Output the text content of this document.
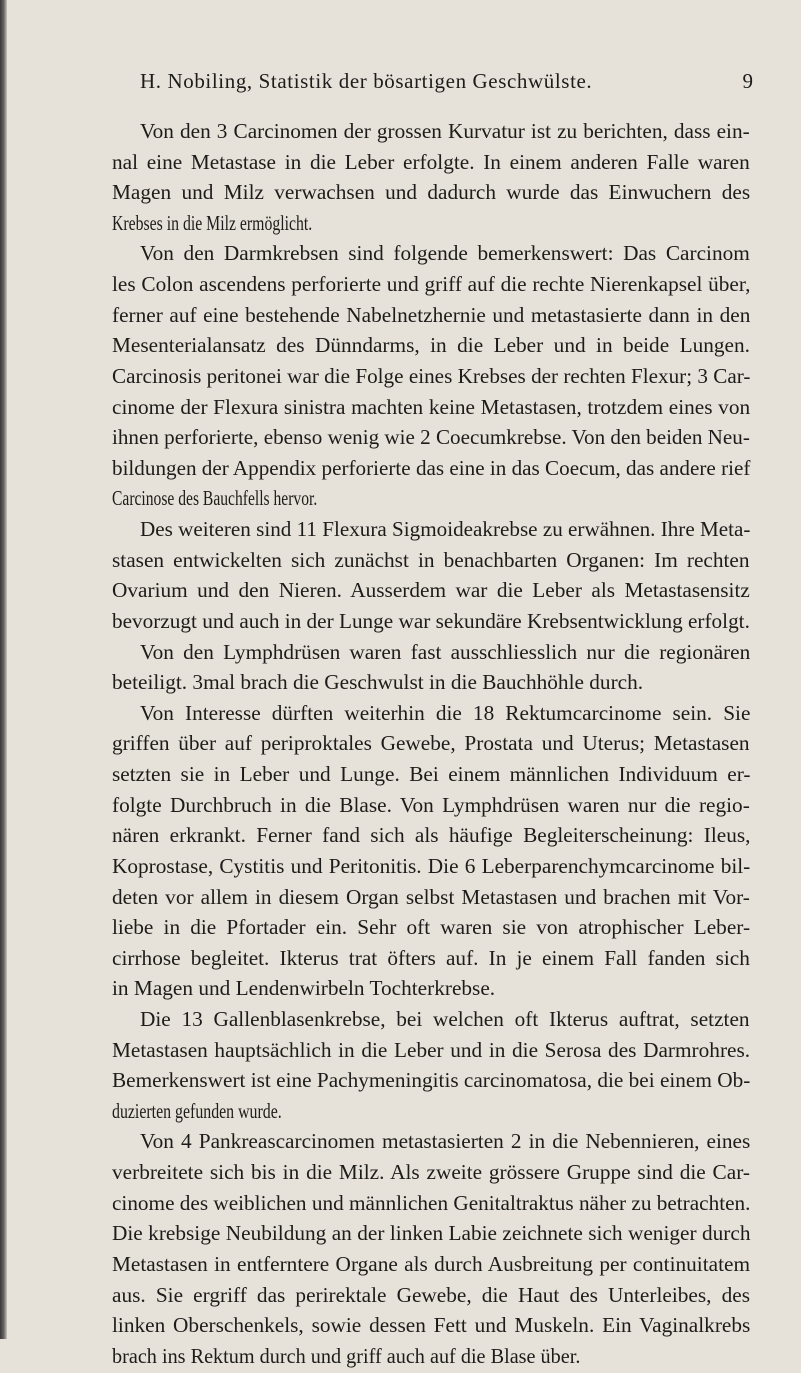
H. Nobiling, Statistik der bösartigen Geschwülste.	9
Von den 3 Carcinomen der grossen Kurvatur ist zu berichten, dass ein-
nal eine Metastase in die Leber erfolgte. In einem anderen Falle waren
Magen und Milz verwachsen und dadurch wurde das Einwuchern des
Krebses in die Milz ermöglicht.
Von den Darmkrebsen sind folgende bemerkenswert: Das Carcinom
les Colon ascendens perforierte und griff auf die rechte Nierenkapsel über,
ferner auf eine bestehende Nabelnetzhernie und metastasierte dann in den
Mesenterialansatz des Dünndarms, in die Leber und in beide Lungen.
Carcinosis peritonei war die Folge eines Krebses der rechten Flexur; 3 Car-
cinome der Flexura sinistra machten keine Metastasen, trotzdem eines von
ihnen perforierte, ebenso wenig wie 2 Coecumkrebse. Von den beiden Neu-
bildungen der Appendix perforierte das eine in das Coecum, das andere rief
Carcinose des Bauchfells hervor.
Des weiteren sind 11 Flexura Sigmoideakrebse zu erwähnen. Ihre Meta-
stasen entwickelten sich zunächst in benachbarten Organen: Im rechten
Ovarium und den Nieren. Ausserdem war die Leber als Metastasensitz
bevorzugt und auch in der Lunge war sekundäre Krebsentwicklung erfolgt.
Von den Lymphdrüsen waren fast ausschliesslich nur die regionären
beteiligt. 3mal brach die Geschwulst in die Bauchhöhle durch.
Von Interesse dürften weiterhin die 18 Rektumcarcinome sein. Sie
griffen über auf periproktales Gewebe, Prostata und Uterus; Metastasen
setzten sie in Leber und Lunge. Bei einem männlichen Individuum er-
folgte Durchbruch in die Blase. Von Lymphdrüsen waren nur die regio-
nären erkrankt. Ferner fand sich als häufige Begleiterscheinung: Ileus,
Koprostase, Cystitis und Peritonitis. Die 6 Leberparenchymcarcinome bil-
deten vor allem in diesem Organ selbst Metastasen und brachen mit Vor-
liebe in die Pfortader ein. Sehr oft waren sie von atrophischer Leber-
cirrhose begleitet. Ikterus trat öfters auf. In je einem Fall fanden sich
in Magen und Lendenwirbeln Tochterkrebse.
Die 13 Gallenblasenkrebse, bei welchen oft Ikterus auftrat, setzten
Metastasen hauptsächlich in die Leber und in die Serosa des Darmrohres.
Bemerkenswert ist eine Pachymeningitis carcinomatosa, die bei einem Ob-
duzierten gefunden wurde.
Von 4 Pankreascarcinomen metastasierten 2 in die Nebennieren, eines
verbreitete sich bis in die Milz. Als zweite grössere Gruppe sind die Car-
cinome des weiblichen und männlichen Genitaltraktus näher zu betrachten.
Die krebsige Neubildung an der linken Labie zeichnete sich weniger durch
Metastasen in entferntere Organe als durch Ausbreitung per continuitatem
aus. Sie ergriff das perirektale Gewebe, die Haut des Unterleibes, des
linken Oberschenkels, sowie dessen Fett und Muskeln. Ein Vaginalkrebs
brach ins Rektum durch und griff auch auf die Blase über.
